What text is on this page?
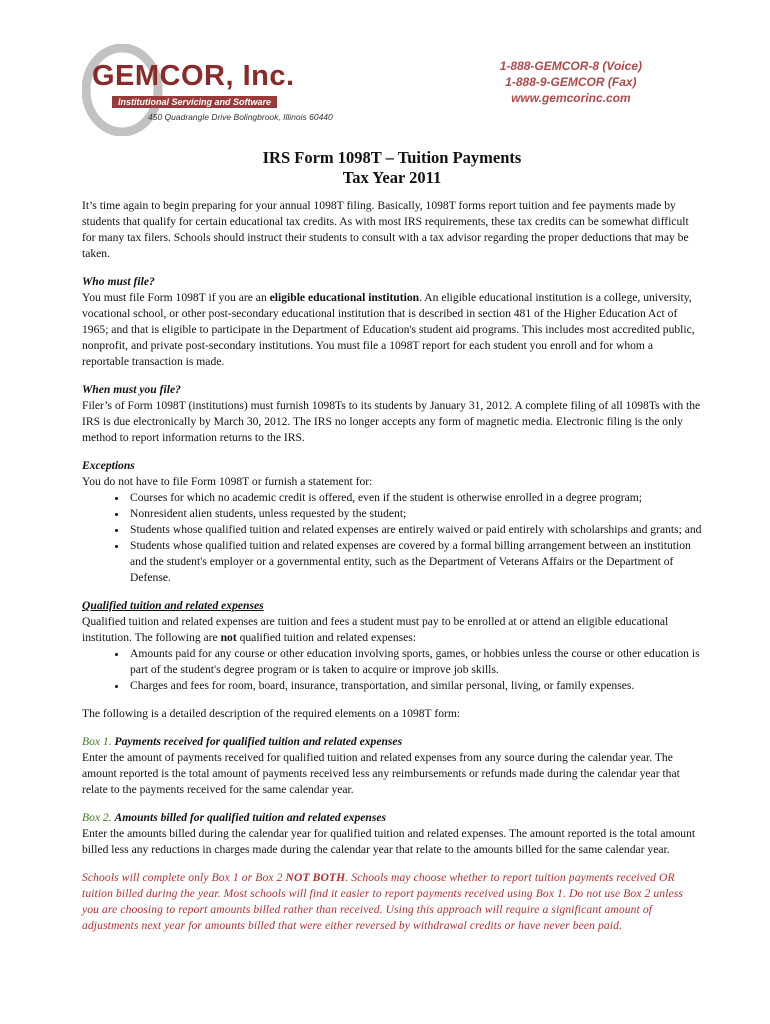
GEMCOR, Inc.
Institutional Servicing and Software
450 Quadrangle Drive Bolingbrook, Illinois 60440
1-888-GEMCOR-8 (Voice)
1-888-9-GEMCOR (Fax)
www.gemcorinc.com
IRS Form 1098T – Tuition Payments
Tax Year 2011

It’s time again to begin preparing for your annual 1098T filing. Basically, 1098T forms report tuition and fee payments made by students that qualify for certain educational tax credits. As with most IRS requirements, these tax credits can be somewhat difficult for many tax filers. Schools should instruct their students to consult with a tax advisor regarding the proper deductions that may be taken.

Who must file?
You must file Form 1098T if you are an eligible educational institution. An eligible educational institution is a college, university, vocational school, or other post-secondary educational institution that is described in section 481 of the Higher Education Act of 1965; and that is eligible to participate in the Department of Education's student aid programs. This includes most accredited public, nonprofit, and private post-secondary institutions. You must file a 1098T report for each student you enroll and for whom a reportable transaction is made.

When must you file?
Filer’s of Form 1098T (institutions) must furnish 1098Ts to its students by January 31, 2012. A complete filing of all 1098Ts with the IRS is due electronically by March 30, 2012. The IRS no longer accepts any form of magnetic media. Electronic filing is the only method to report information returns to the IRS.

Exceptions
You do not have to file Form 1098T or furnish a statement for:

• Courses for which no academic credit is offered, even if the student is otherwise enrolled in a degree program;
• Nonresident alien students, unless requested by the student;
• Students whose qualified tuition and related expenses are entirely waived or paid entirely with scholarships and grants; and
• Students whose qualified tuition and related expenses are covered by a formal billing arrangement between an institution and the student's employer or a governmental entity, such as the Department of Veterans Affairs or the Department of Defense.

Qualified tuition and related expenses
Qualified tuition and related expenses are tuition and fees a student must pay to be enrolled at or attend an eligible educational institution. The following are not qualified tuition and related expenses:

• Amounts paid for any course or other education involving sports, games, or hobbies unless the course or other education is part of the student's degree program or is taken to acquire or improve job skills.
• Charges and fees for room, board, insurance, transportation, and similar personal, living, or family expenses.

The following is a detailed description of the required elements on a 1098T form:

Box 1. Payments received for qualified tuition and related expenses
Enter the amount of payments received for qualified tuition and related expenses from any source during the calendar year. The amount reported is the total amount of payments received less any reimbursements or refunds made during the calendar year that relate to the payments received for the same calendar year.

Box 2. Amounts billed for qualified tuition and related expenses
Enter the amounts billed during the calendar year for qualified tuition and related expenses. The amount reported is the total amount billed less any reductions in charges made during the calendar year that relate to the amounts billed for the same calendar year.

Schools will complete only Box 1 or Box 2 NOT BOTH. Schools may choose whether to report tuition payments received OR tuition billed during the year. Most schools will find it easier to report payments received using Box 1. Do not use Box 2 unless you are choosing to report amounts billed rather than received. Using this approach will require a significant amount of adjustments next year for amounts billed that were either reversed by withdrawal credits or have never been paid.
